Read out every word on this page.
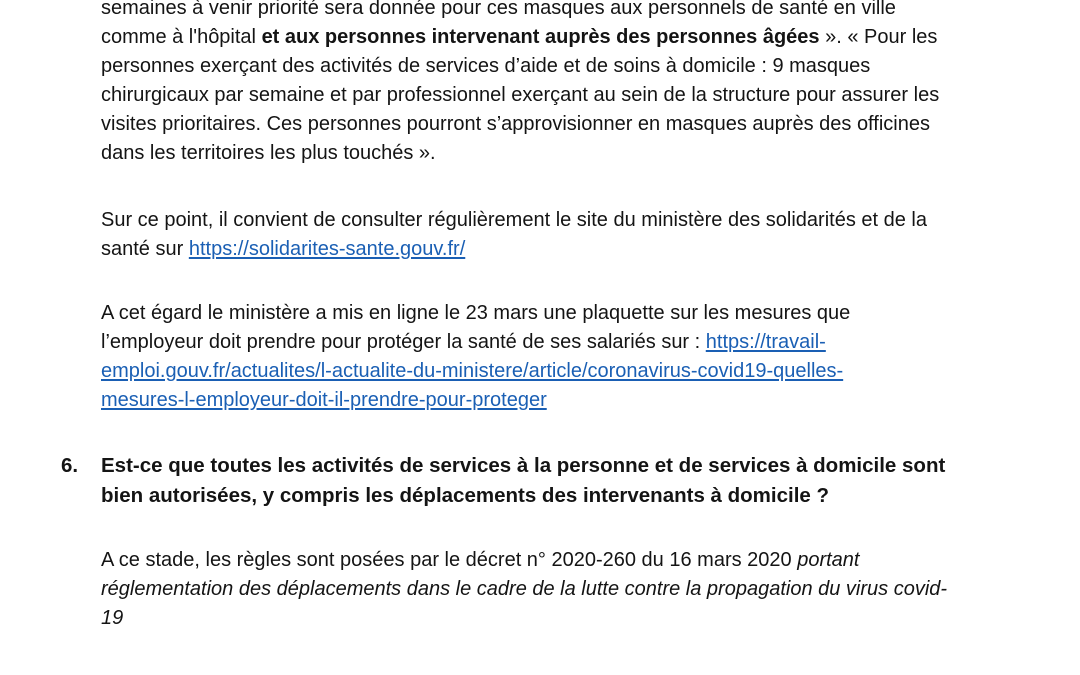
semaines à venir priorité sera donnée pour ces masques aux personnels de santé en ville
comme à l'hôpital et aux personnes intervenant auprès des personnes âgées ». « Pour les
personnes exerçant des activités de services d’aide et de soins à domicile : 9 masques
chirurgicaux par semaine et par professionnel exerçant au sein de la structure pour assurer les
visites prioritaires. Ces personnes pourront s’approvisionner en masques auprès des officines
dans les territoires les plus touchés ».
Sur ce point, il convient de consulter régulièrement le site du ministère des solidarités et de la
santé sur https://solidarites-sante.gouv.fr/
A cet égard le ministère a mis en ligne le 23 mars une plaquette sur les mesures que
l’employeur doit prendre pour protéger la santé de ses salariés sur : https://travail-
emploi.gouv.fr/actualites/l-actualite-du-ministere/article/coronavirus-covid19-quelles-
mesures-l-employeur-doit-il-prendre-pour-proteger
6. Est-ce que toutes les activités de services à la personne et de services à domicile sont
bien autorisées, y compris les déplacements des intervenants à domicile ?
A ce stade, les règles sont posées par le décret n° 2020-260 du 16 mars 2020 portant
réglementation des déplacements dans le cadre de la lutte contre la propagation du virus covid-
19
